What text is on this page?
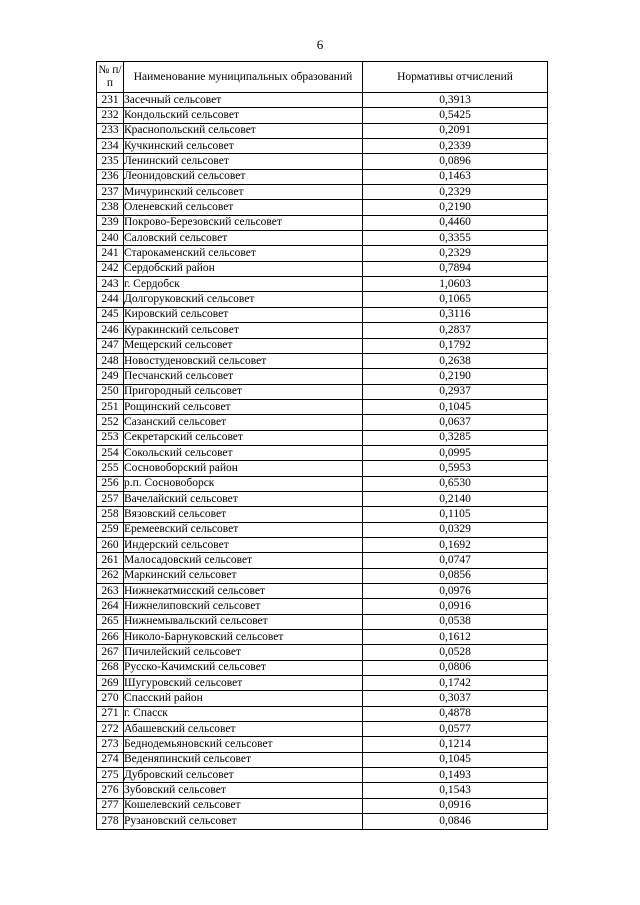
6
№ п/п	Наименование муниципальных образований	Нормативы отчислений
231	Засечный сельсовет	0,3913
232	Кондольский сельсовет	0,5425
233	Краснопольский сельсовет	0,2091
234	Кучкинский сельсовет	0,2339
235	Ленинский сельсовет	0,0896
236	Леонидовский сельсовет	0,1463
237	Мичуринский сельсовет	0,2329
238	Оленевский сельсовет	0,2190
239	Покрово-Березовский сельсовет	0,4460
240	Саловский сельсовет	0,3355
241	Старокаменский сельсовет	0,2329
242	Сердобский район	0,7894
243	г. Сердобск	1,0603
244	Долгоруковский сельсовет	0,1065
245	Кировский сельсовет	0,3116
246	Куракинский сельсовет	0,2837
247	Мещерский сельсовет	0,1792
248	Новостуденовский сельсовет	0,2638
249	Песчанский сельсовет	0,2190
250	Пригородный сельсовет	0,2937
251	Рощинский сельсовет	0,1045
252	Сазанский сельсовет	0,0637
253	Секретарский сельсовет	0,3285
254	Сокольский сельсовет	0,0995
255	Сосновоборский район	0,5953
256	р.п. Сосновоборск	0,6530
257	Вачелайский сельсовет	0,2140
258	Вязовский сельсовет	0,1105
259	Еремеевский сельсовет	0,0329
260	Индерский сельсовет	0,1692
261	Малосадовский сельсовет	0,0747
262	Маркинский сельсовет	0,0856
263	Нижнекатмисский сельсовет	0,0976
264	Нижнелиповский сельсовет	0,0916
265	Нижнемывальский сельсовет	0,0538
266	Николо-Барнуковский сельсовет	0,1612
267	Пичилейский сельсовет	0,0528
268	Русско-Качимский сельсовет	0,0806
269	Шугуровский сельсовет	0,1742
270	Спасский район	0,3037
271	г. Спасск	0,4878
272	Абашевский сельсовет	0,0577
273	Беднодемьяновский сельсовет	0,1214
274	Веденяпинский сельсовет	0,1045
275	Дубровский сельсовет	0,1493
276	Зубовский сельсовет	0,1543
277	Кошелевский сельсовет	0,0916
278	Рузановский сельсовет	0,0846
